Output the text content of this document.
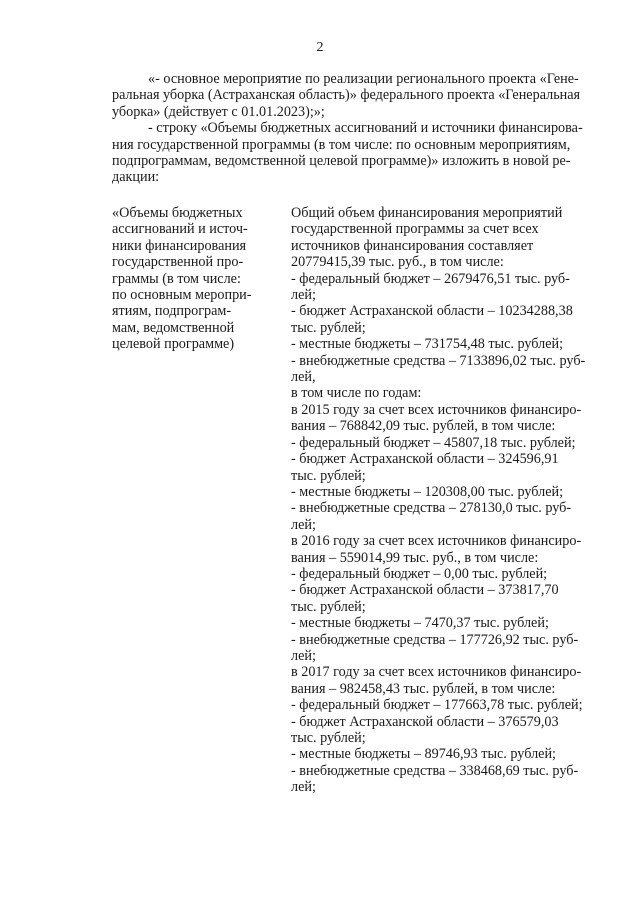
2

«- основное мероприятие по реализации регионального проекта «Гене-
ральная уборка (Астраханская область)» федерального проекта «Генеральная
уборка» (действует с 01.01.2023);»;

- строку «Объемы бюджетных ассигнований и источники финансирова-
ния государственной программы (в том числе: по основным мероприятиям,
подпрограммам, ведомственной целевой программе)» изложить в новой ре-
дакции:

«Объемы бюджетных
ассигнований и источ-
ники финансирования
государственной про-
граммы (в том числе:
по основным меропри-
ятиям, подпрограм-
мам, ведомственной
целевой программе)
Общий объем финансирования мероприятий
государственной программы за счет всех
источников финансирования составляет
20779415,39 тыс. руб., в том числе:
- федеральный бюджет – 2679476,51 тыс. руб-
лей;
- бюджет Астраханской области – 10234288,38
тыс. рублей;
- местные бюджеты – 731754,48 тыс. рублей;
- внебюджетные средства – 7133896,02 тыс. руб-
лей,
в том числе по годам:
в 2015 году за счет всех источников финансиро-
вания – 768842,09 тыс. рублей, в том числе:
- федеральный бюджет – 45807,18 тыс. рублей;
- бюджет Астраханской области – 324596,91
тыс. рублей;
- местные бюджеты – 120308,00 тыс. рублей;
- внебюджетные средства – 278130,0 тыс. руб-
лей;
в 2016 году за счет всех источников финансиро-
вания – 559014,99 тыс. руб., в том числе:
- федеральный бюджет – 0,00 тыс. рублей;
- бюджет Астраханской области – 373817,70
тыс. рублей;
- местные бюджеты – 7470,37 тыс. рублей;
- внебюджетные средства – 177726,92 тыс. руб-
лей;
в 2017 году за счет всех источников финансиро-
вания – 982458,43 тыс. рублей, в том числе:
- федеральный бюджет – 177663,78 тыс. рублей;
- бюджет Астраханской области – 376579,03
тыс. рублей;
- местные бюджеты – 89746,93 тыс. рублей;
- внебюджетные средства – 338468,69 тыс. руб-
лей;
